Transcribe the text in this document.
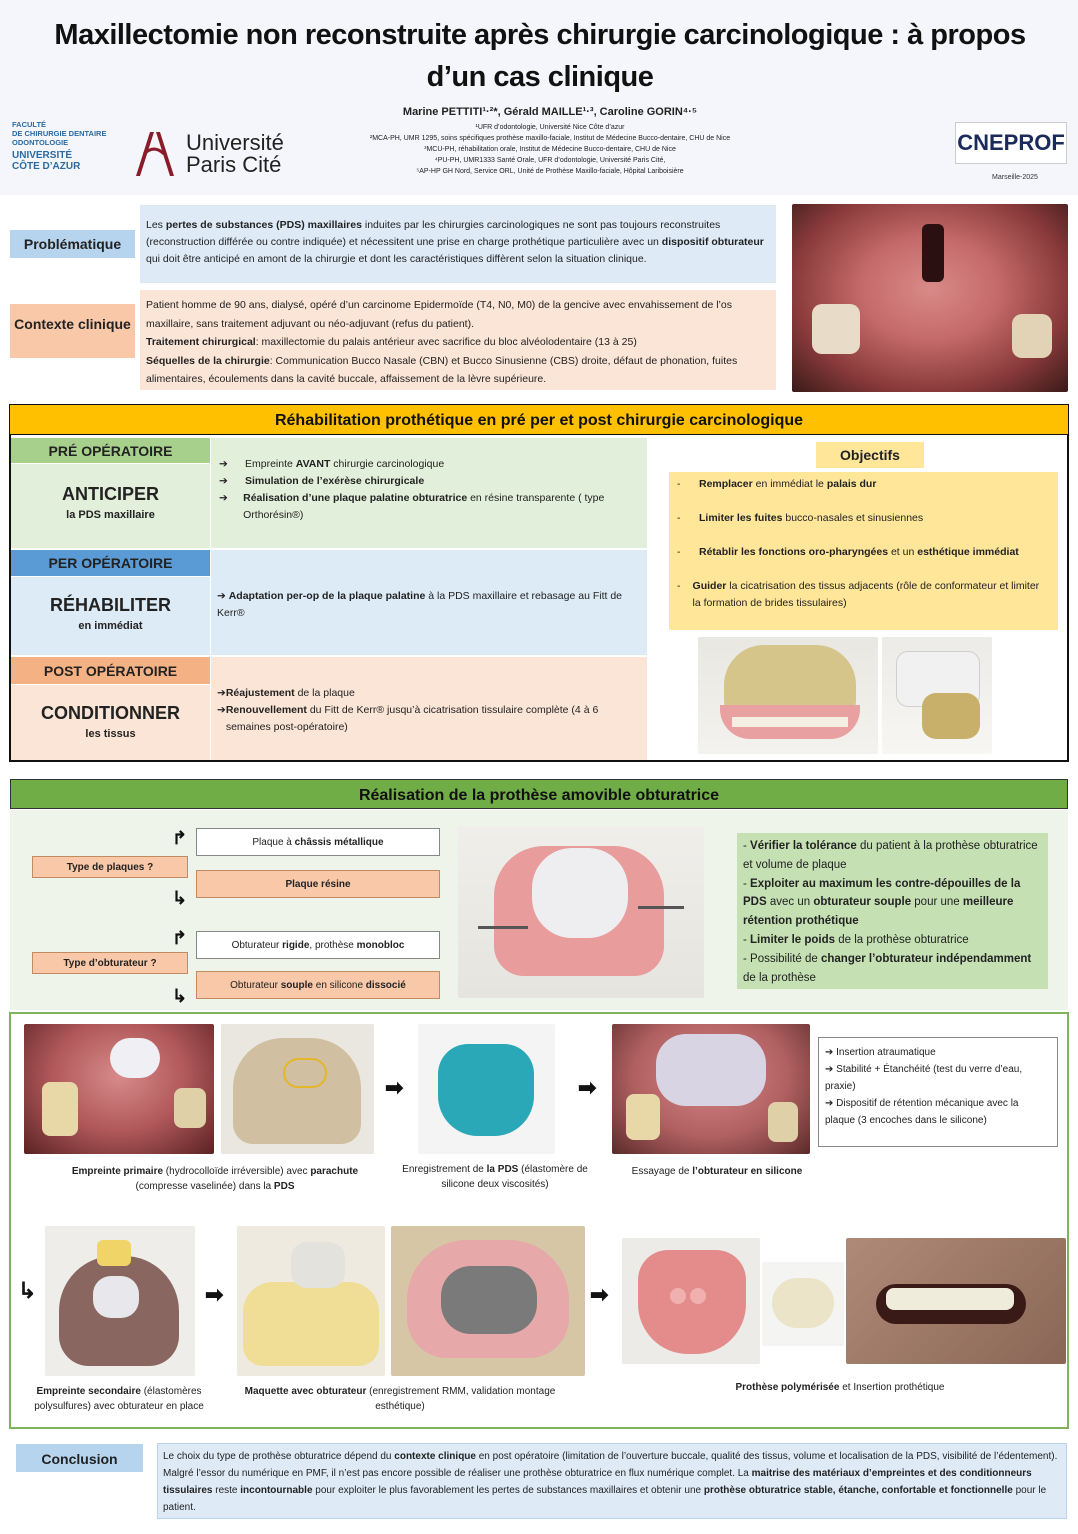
Maxillectomie non reconstruite après chirurgie carcinologique : à propos d’un cas clinique
Marine PETTITI¹·²*, Gérald MAILLE¹·³, Caroline GORIN⁴·⁵
¹UFR d’odontologie, Université Nice Côte d’azur
²MCA-PH, UMR 1295, soins spécifiques prothèse maxillo-faciale, Institut de Médecine Bucco-dentaire, CHU de Nice
³MCU-PH, réhabilitation orale, Institut de Médecine Bucco-dentaire, CHU de Nice
⁴PU-PH, UMR1333 Santé Orale, UFR d’odontologie, Université Paris Cité,
⁵AP-HP GH Nord, Service ORL, Unité de Prothèse Maxillo-faciale, Hôpital Lariboisière
FACULTÉ
DE CHIRURGIE DENTAIRE
ODONTOLOGIE
UNIVERSITÉ
CÔTE D’AZUR
Université
Paris Cité
CNEPROF
Marseille-2025
Problématique
Les pertes de substances (PDS) maxillaires induites par les chirurgies carcinologiques ne sont pas toujours reconstruites (reconstruction différée ou contre indiquée) et nécessitent une prise en charge prothétique particulière avec un dispositif obturateur qui doit être anticipé en amont de la chirurgie et dont les caractéristiques diffèrent selon la situation clinique.
Contexte clinique
Patient homme de 90 ans, dialysé, opéré d’un carcinome Epidermoïde (T4, N0, M0) de la gencive avec envahissement de l’os maxillaire, sans traitement adjuvant ou néo-adjuvant (refus du patient).
Traitement chirurgical: maxillectomie du palais antérieur avec sacrifice du bloc alvéolodentaire (13 à 25)
Séquelles de la chirurgie: Communication Bucco Nasale (CBN) et Bucco Sinusienne (CBS) droite, défaut de phonation, fuites alimentaires, écoulements dans la cavité buccale, affaissement de la lèvre supérieure.
Réhabilitation prothétique en pré per et post chirurgie carcinologique
PRÉ OPÉRATOIRE
ANTICIPER
la PDS maxillaire
➔	Empreinte AVANT chirurgie carcinologique
➔	Simulation de l’exérèse chirurgicale
➔	Réalisation d’une plaque palatine obturatrice en résine transparente ( type Orthorésin®)
PER OPÉRATOIRE
RÉHABILITER
en immédiat
➔ Adaptation per-op de la plaque palatine à la PDS maxillaire et rebasage au Fitt de Kerr®
POST OPÉRATOIRE
CONDITIONNER
les tissus
➔Réajustement de la plaque
➔ Renouvellement du Fitt de Kerr® jusqu’à cicatrisation tissulaire complète (4 à 6 semaines post-opératoire)
Objectifs
-	Remplacer en immédiat le palais dur
-	Limiter les fuites bucco-nasales et sinusiennes
-	Rétablir les fonctions oro-pharyngées et un esthétique immédiat
-	Guider la cicatrisation des tissus adjacents (rôle de conformateur et limiter la formation de brides tissulaires)
Réalisation de la prothèse amovible obturatrice
↱	Plaque à châssis métallique
Type de plaques ?
Plaque résine
↳
↱	Obturateur rigide, prothèse monobloc
Type d’obturateur ?
Obturateur souple en silicone dissocié
↳
- Vérifier la tolérance du patient à la prothèse obturatrice et volume de plaque
- Exploiter au maximum les contre-dépouilles de la PDS avec un obturateur souple pour une meilleure rétention prothétique
- Limiter le poids de la prothèse obturatrice
- Possibilité de changer l’obturateur indépendamment de la prothèse
➡	➡
➔ Insertion atraumatique
➔ Stabilité + Étanchéité (test du verre d’eau, praxie)
➔ Dispositif de rétention mécanique avec la plaque (3 encoches dans le silicone)
Empreinte primaire (hydrocolloïde irréversible) avec parachute (compresse vaselinée) dans la PDS
Enregistrement de la PDS (élastomère de silicone deux viscosités)
Essayage de l’obturateur en silicone
↳	➡	➡
Empreinte secondaire (élastomères polysulfures) avec obturateur en place
Maquette avec obturateur (enregistrement RMM, validation montage esthétique)
Prothèse polymérisée et Insertion prothétique
Conclusion	Le choix du type de prothèse obturatrice dépend du contexte clinique en post opératoire (limitation de l’ouverture buccale, qualité des tissus, volume et localisation de la PDS, visibilité de l’édentement). Malgré l’essor du numérique en PMF, il n’est pas encore possible de réaliser une prothèse obturatrice en flux numérique complet. La maitrise des matériaux d’empreintes et des conditionneurs tissulaires reste incontournable pour exploiter le plus favorablement les pertes de substances maxillaires et obtenir une prothèse obturatrice stable, étanche, confortable et fonctionnelle pour le patient.
